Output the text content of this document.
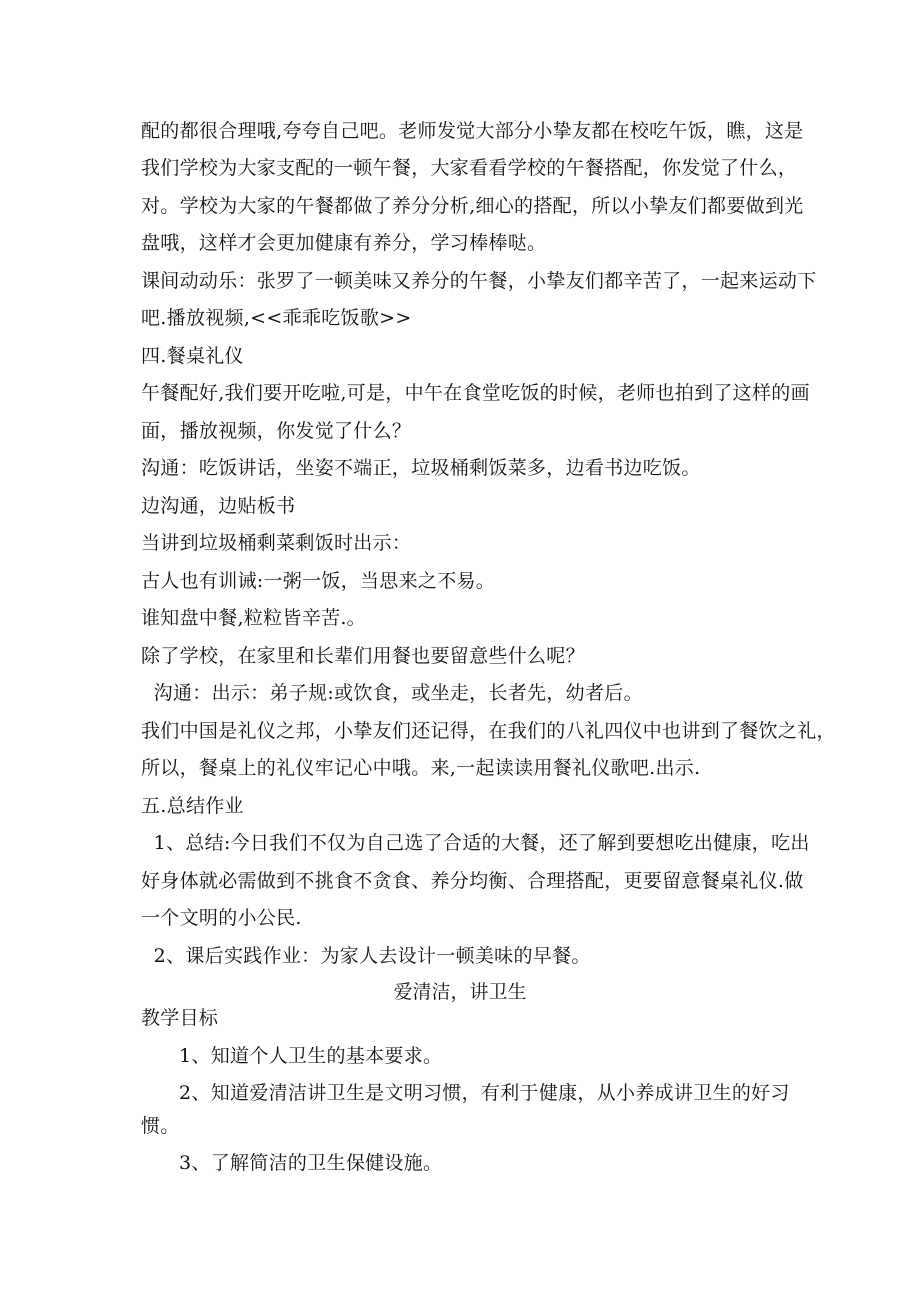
配的都很合理哦,夸夸自己吧。老师发觉大部分小挚友都在校吃午饭，瞧，这是
我们学校为大家支配的一顿午餐，大家看看学校的午餐搭配，你发觉了什么，
对。学校为大家的午餐都做了养分分析,细心的搭配，所以小挚友们都要做到光
盘哦，这样才会更加健康有养分，学习棒棒哒。
课间动动乐：张罗了一顿美味又养分的午餐，小挚友们都辛苦了，一起来运动下
吧.播放视频,<<乖乖吃饭歌>>
四.餐桌礼仪
午餐配好,我们要开吃啦,可是，中午在食堂吃饭的时候，老师也拍到了这样的画
面，播放视频，你发觉了什么？
沟通：吃饭讲话，坐姿不端正，垃圾桶剩饭菜多，边看书边吃饭。
边沟通，边贴板书
当讲到垃圾桶剩菜剩饭时出示：
古人也有训诫:一粥一饭，当思来之不易。
谁知盘中餐,粒粒皆辛苦.。
除了学校，在家里和长辈们用餐也要留意些什么呢？
沟通：出示：弟子规:或饮食，或坐走，长者先，幼者后。
我们中国是礼仪之邦，小挚友们还记得，在我们的八礼四仪中也讲到了餐饮之礼，
所以，餐桌上的礼仪牢记心中哦。来,一起读读用餐礼仪歌吧.出示.
五.总结作业
1、总结:今日我们不仅为自己选了合适的大餐，还了解到要想吃出健康，吃出
好身体就必需做到不挑食不贪食、养分均衡、合理搭配，更要留意餐桌礼仪.做
一个文明的小公民.
2、课后实践作业：为家人去设计一顿美味的早餐。
爱清洁，讲卫生
教学目标
1、知道个人卫生的基本要求。
2、知道爱清洁讲卫生是文明习惯，有利于健康，从小养成讲卫生的好习
惯。
3、了解简洁的卫生保健设施。
